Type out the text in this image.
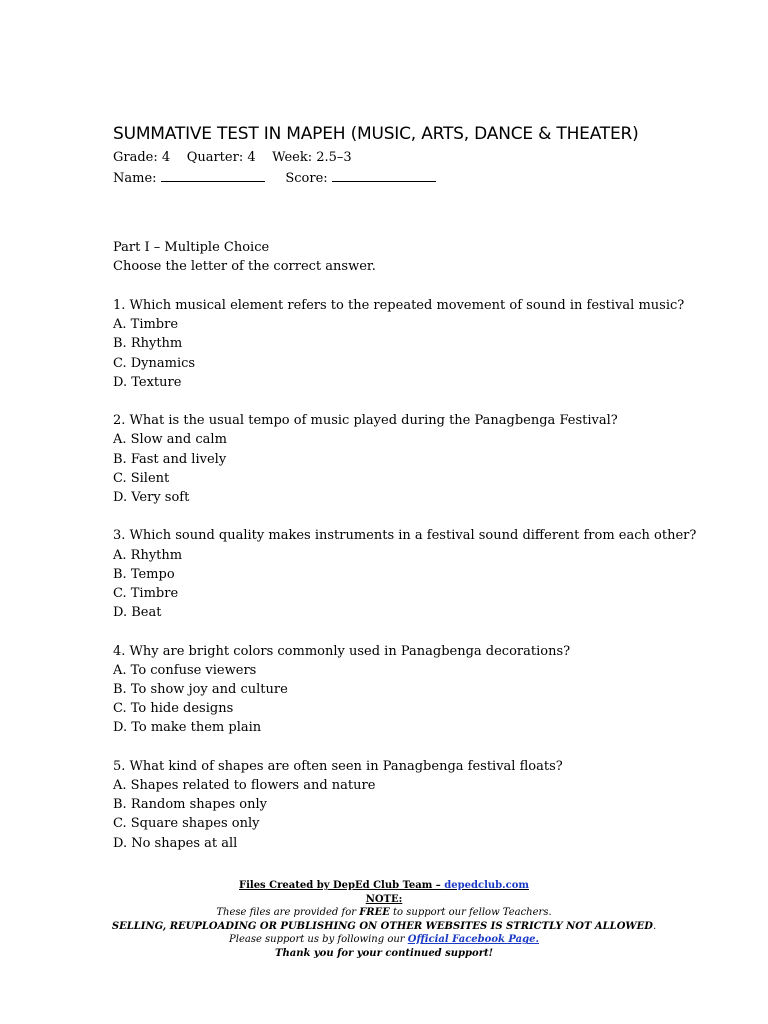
SUMMATIVE TEST IN MAPEH (MUSIC, ARTS, DANCE & THEATER)
Grade: 4 Quarter: 4 Week: 2.5–3
Name:	Score:
Part I – Multiple Choice
Choose the letter of the correct answer.
1. Which musical element refers to the repeated movement of sound in festival music?
A. Timbre
B. Rhythm
C. Dynamics
D. Texture
2. What is the usual tempo of music played during the Panagbenga Festival?
A. Slow and calm
B. Fast and lively
C. Silent
D. Very soft
3. Which sound quality makes instruments in a festival sound different from each other?
A. Rhythm
B. Tempo
C. Timbre
D. Beat
4. Why are bright colors commonly used in Panagbenga decorations?
A. To confuse viewers
B. To show joy and culture
C. To hide designs
D. To make them plain
5. What kind of shapes are often seen in Panagbenga festival floats?
A. Shapes related to flowers and nature
B. Random shapes only
C. Square shapes only
D. No shapes at all
Files Created by DepEd Club Team – depedclub.com
NOTE:
These files are provided for FREE to support our fellow Teachers.
SELLING, REUPLOADING OR PUBLISHING ON OTHER WEBSITES IS STRICTLY NOT ALLOWED.
Please support us by following our Official Facebook Page.
Thank you for your continued support!
